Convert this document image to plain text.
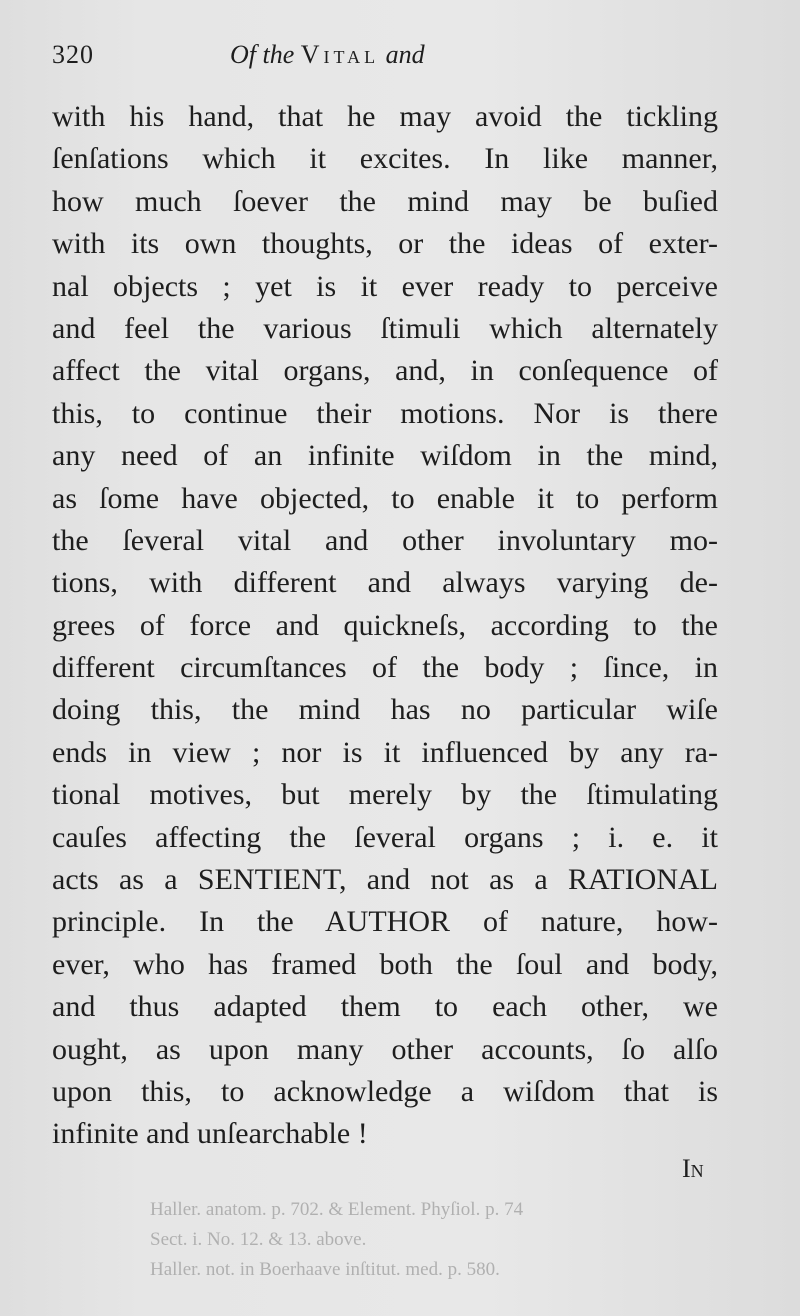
Haller. anatom. p. 702. & Element. Phyſiol. p. 74
Sect. i. No. 12. & 13. above.
Haller. not. in Boerhaave inſtitut. med. p. 580.
320	Of the Vital and
with his hand, that he may avoid the tickling
ſenſations which it excites. In like manner,
how much ſoever the mind may be buſied
with its own thoughts, or the ideas of exter-
nal objects ; yet is it ever ready to perceive
and feel the various ſtimuli which alternately
affect the vital organs, and, in conſequence of
this, to continue their motions. Nor is there
any need of an infinite wiſdom in the mind,
as ſome have objected, to enable it to perform
the ſeveral vital and other involuntary mo-
tions, with different and always varying de-
grees of force and quickneſs, according to the
different circumſtances of the body ; ſince, in
doing this, the mind has no particular wiſe
ends in view ; nor is it influenced by any ra-
tional motives, but merely by the ſtimulating
cauſes affecting the ſeveral organs ; i. e. it
acts as a SENTIENT, and not as a RATIONAL
principle. In the AUTHOR of nature, how-
ever, who has framed both the ſoul and body,
and thus adapted them to each other, we
ought, as upon many other accounts, ſo alſo
upon this, to acknowledge a wiſdom that is
infinite and unſearchable !
In
